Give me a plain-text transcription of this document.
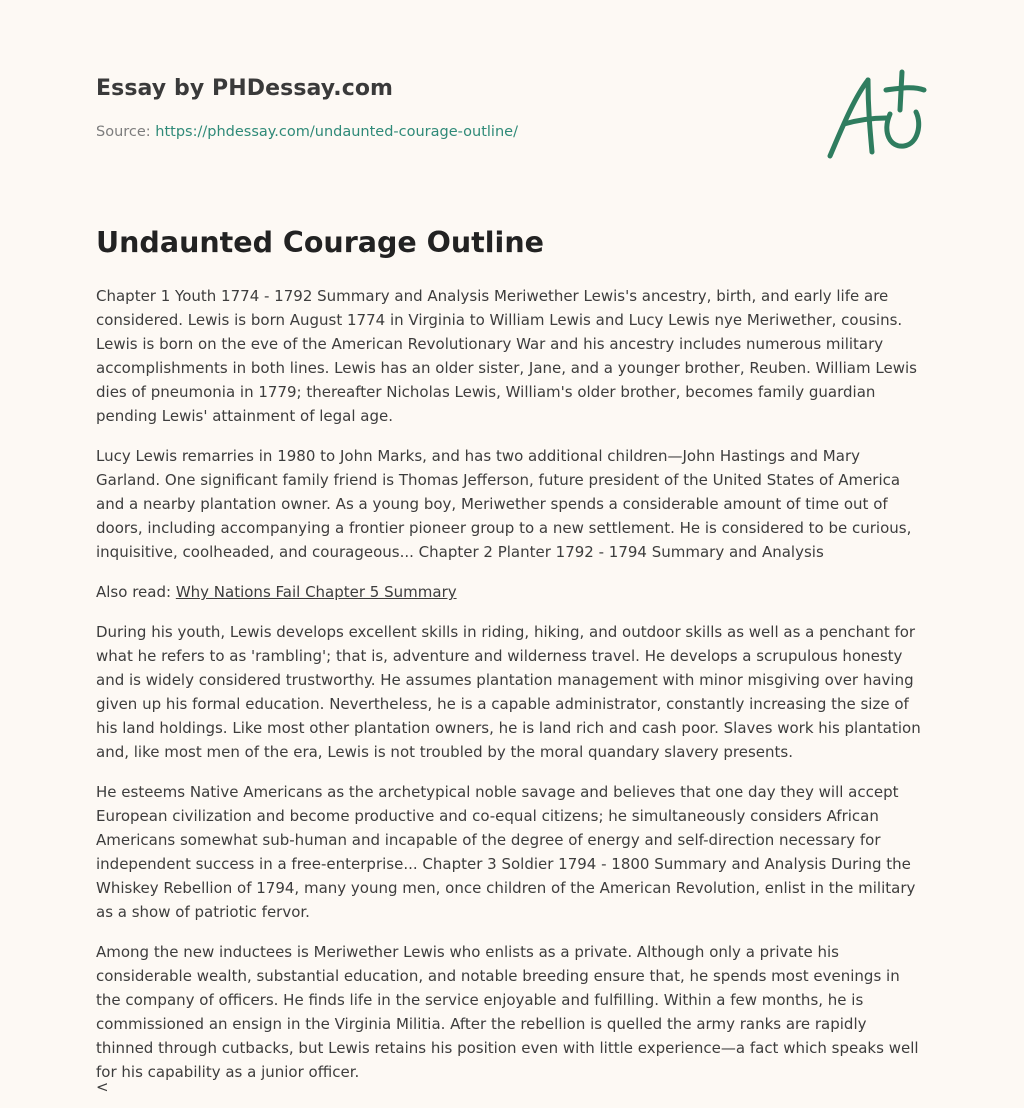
Essay by PHDessay.com
Source: https://phdessay.com/undaunted-courage-outline/
Undaunted Courage Outline

Chapter 1 Youth 1774 - 1792 Summary and Analysis Meriwether Lewis's ancestry, birth, and early life are considered. Lewis is born August 1774 in Virginia to William Lewis and Lucy Lewis nye Meriwether, cousins. Lewis is born on the eve of the American Revolutionary War and his ancestry includes numerous military accomplishments in both lines. Lewis has an older sister, Jane, and a younger brother, Reuben. William Lewis dies of pneumonia in 1779; thereafter Nicholas Lewis, William's older brother, becomes family guardian pending Lewis' attainment of legal age.

Lucy Lewis remarries in 1980 to John Marks, and has two additional children—John Hastings and Mary Garland. One significant family friend is Thomas Jefferson, future president of the United States of America and a nearby plantation owner. As a young boy, Meriwether spends a considerable amount of time out of doors, including accompanying a frontier pioneer group to a new settlement. He is considered to be curious, inquisitive, coolheaded, and courageous... Chapter 2 Planter 1792 - 1794 Summary and Analysis

Also read: Why Nations Fail Chapter 5 Summary

During his youth, Lewis develops excellent skills in riding, hiking, and outdoor skills as well as a penchant for what he refers to as 'rambling'; that is, adventure and wilderness travel. He develops a scrupulous honesty and is widely considered trustworthy. He assumes plantation management with minor misgiving over having given up his formal education. Nevertheless, he is a capable administrator, constantly increasing the size of his land holdings. Like most other plantation owners, he is land rich and cash poor. Slaves work his plantation and, like most men of the era, Lewis is not troubled by the moral quandary slavery presents.

He esteems Native Americans as the archetypical noble savage and believes that one day they will accept European civilization and become productive and co-equal citizens; he simultaneously considers African Americans somewhat sub-human and incapable of the degree of energy and self-direction necessary for independent success in a free-enterprise... Chapter 3 Soldier 1794 - 1800 Summary and Analysis During the Whiskey Rebellion of 1794, many young men, once children of the American Revolution, enlist in the military as a show of patriotic fervor.

Among the new inductees is Meriwether Lewis who enlists as a private. Although only a private his considerable wealth, substantial education, and notable breeding ensure that, he spends most evenings in the company of officers. He finds life in the service enjoyable and fulfilling. Within a few months, he is commissioned an ensign in the Virginia Militia. After the rebellion is quelled the army ranks are rapidly thinned through cutbacks, but Lewis retains his position even with little experience—a fact which speaks well for his capability as a junior officer.

<
